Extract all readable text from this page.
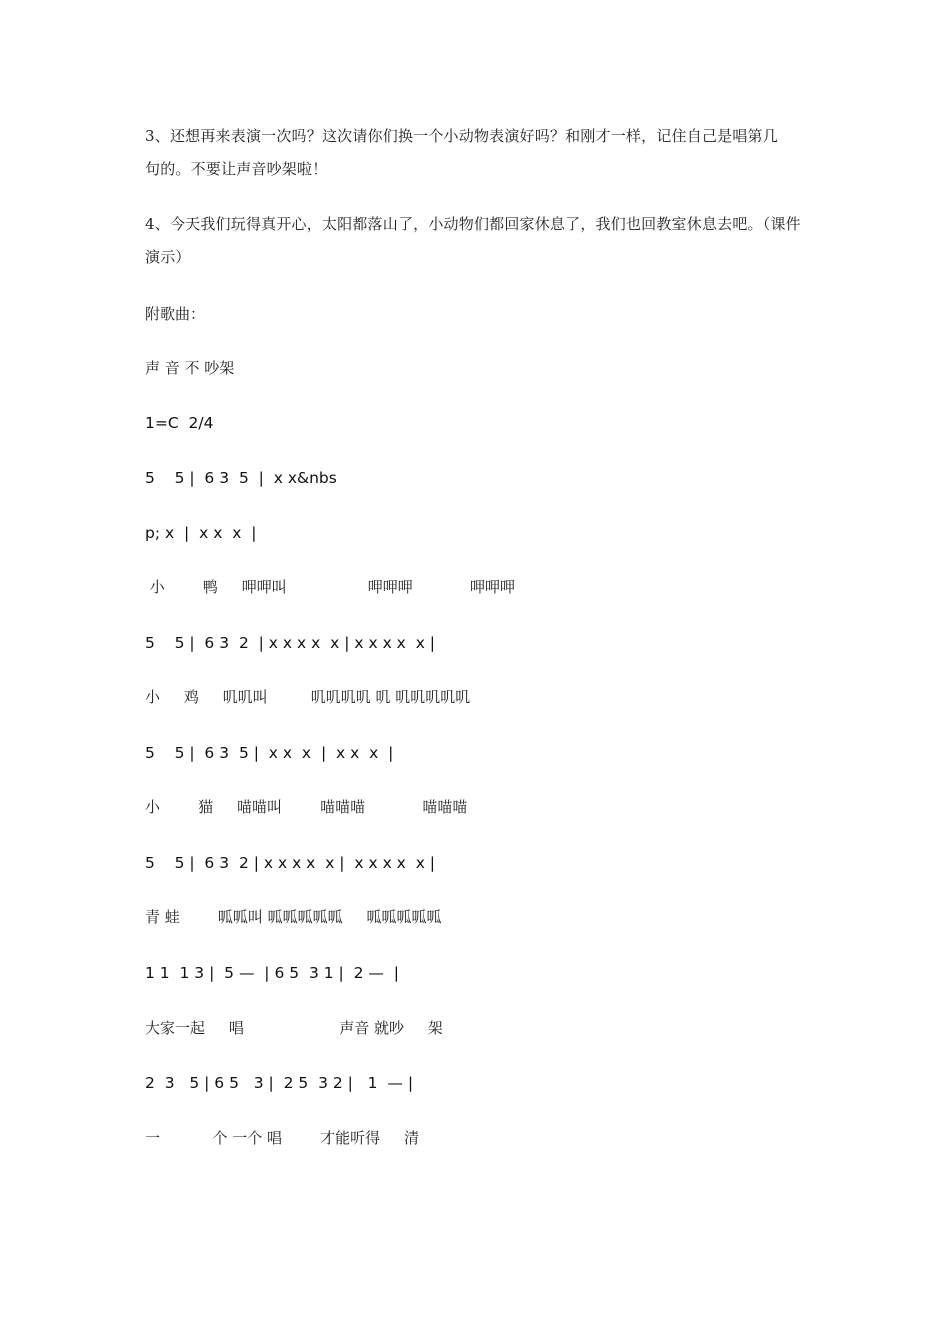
3、还想再来表演一次吗？这次请你们换一个小动物表演好吗？和刚才一样，记住自己是唱第几
句的。不要让声音吵架啦！
4、今天我们玩得真开心，太阳都落山了，小动物们都回家休息了，我们也回教室休息去吧。（课件
演示）
附歌曲：
声 音 不 吵架
1=C  2/4
5    5 |  6 3  5  |  x x&nbs
p; x  |  x x  x  |
小        鸭     呷呷叫                 呷呷呷            呷呷呷
5    5 |  6 3  2  | x x x x  x | x x x x  x |
小     鸡     叽叽叫         叽叽叽叽 叽 叽叽叽叽叽
5    5 |  6 3  5 |  x x  x  |  x x  x  |
小        猫     喵喵叫        喵喵喵            喵喵喵
5    5 |  6 3  2 | x x x x  x |  x x x x  x |
青 蛙        呱呱叫 呱呱呱呱呱     呱呱呱呱呱
1 1  1 3 |  5 —  | 6 5  3 1 |  2 —  |
大家一起     唱                    声音 就吵     架
2  3   5 | 6 5   3 |  2 5  3 2 |   1  — |
一           个 一个 唱        才能听得     清
